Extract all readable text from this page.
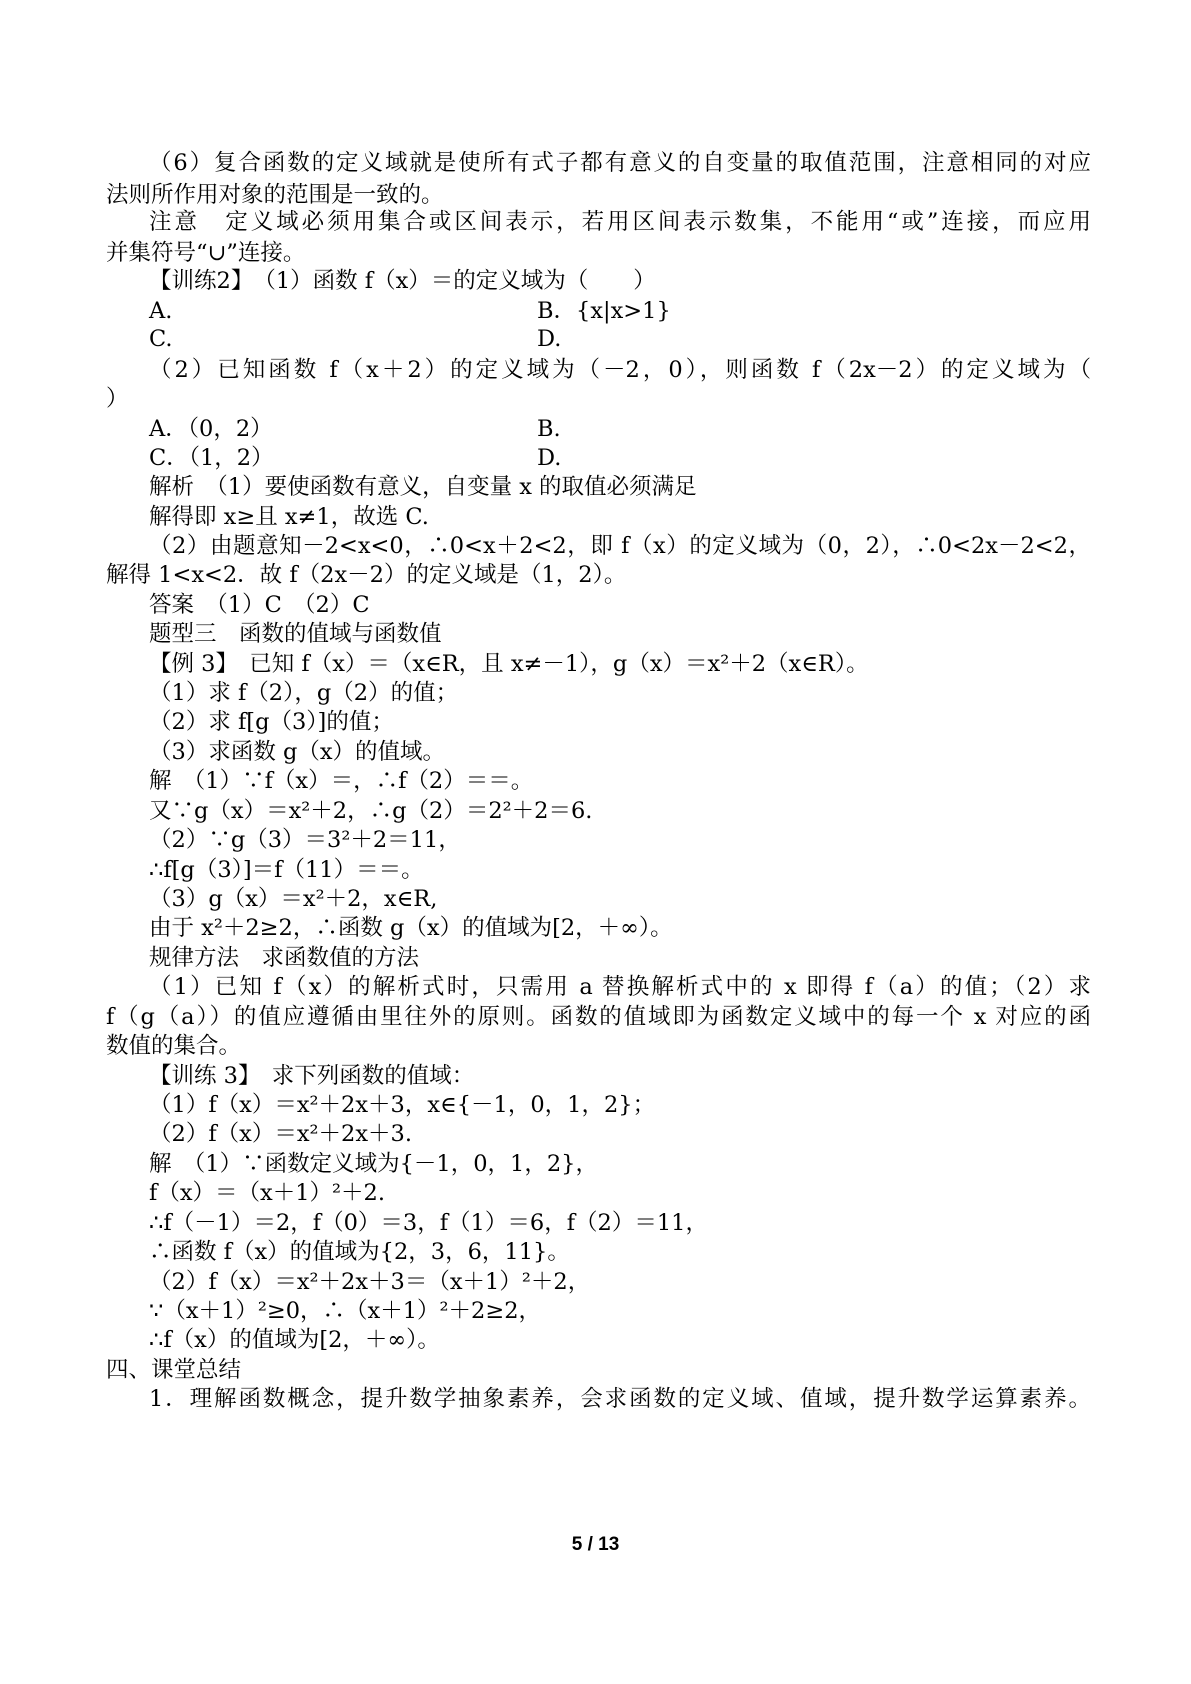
（6）复合函数的定义域就是使所有式子都有意义的自变量的取值范围，注意相同的对应
法则所作用对象的范围是一致的。
注意　定义域必须用集合或区间表示，若用区间表示数集，不能用“或”连接，而应用
并集符号“∪”连接。
【训练2】　（1）函数 f（x）＝的定义域为（　　）
A.	B．{x|x>1}
C.	D.
（2）已知函数 f（x＋2）的定义域为（－2，0），则函数 f（2x－2）的定义域为（
）
A．（0，2）	B.
C．（1，2）	D.
解析　（1）要使函数有意义，自变量 x 的取值必须满足
解得即 x≥且 x≠1，故选 C.
（2）由题意知－2<x<0，∴0<x＋2<2，即 f（x）的定义域为（0，2），∴0<2x－2<2，
解得 1<x<2．故 f（2x－2）的定义域是（1，2）。
答案　（1）C　（2）C
题型三　函数的值域与函数值
【例 3】　已知 f（x）＝（x∈R，且 x≠－1），g（x）＝x²＋2（x∈R）。
（1）求 f（2），g（2）的值；
（2）求 f[g（3）]的值；
（3）求函数 g（x）的值域。
解　（1）∵f（x）＝，∴f（2）＝＝。
又∵g（x）＝x²＋2，∴g（2）＝2²＋2＝6.
（2）∵g（3）＝3²＋2＝11，
∴f[g（3）]＝f（11）＝＝。
（3）g（x）＝x²＋2，x∈R,
由于 x²＋2≥2，∴函数 g（x）的值域为[2，＋∞）。
规律方法　求函数值的方法
（1）已知 f（x）的解析式时，只需用 a 替换解析式中的 x 即得 f（a）的值；（2）求
f（g（a））的值应遵循由里往外的原则。函数的值域即为函数定义域中的每一个 x 对应的函
数值的集合。
【训练 3】　求下列函数的值域：
（1）f（x）＝x²＋2x＋3，x∈{－1，0，1，2}；
（2）f（x）＝x²＋2x＋3.
解　（1）∵函数定义域为{－1，0，1，2}，
f（x）＝（x＋1）²＋2.
∴f（－1）＝2，f（0）＝3，f（1）＝6，f（2）＝11，
∴函数 f（x）的值域为{2，3，6，11}。
（2）f（x）＝x²＋2x＋3＝（x＋1）²＋2，
∵（x＋1）²≥0，∴（x＋1）²＋2≥2，
∴f（x）的值域为[2，＋∞）。
四、课堂总结
1．理解函数概念，提升数学抽象素养，会求函数的定义域、值域，提升数学运算素养。
5 / 13
